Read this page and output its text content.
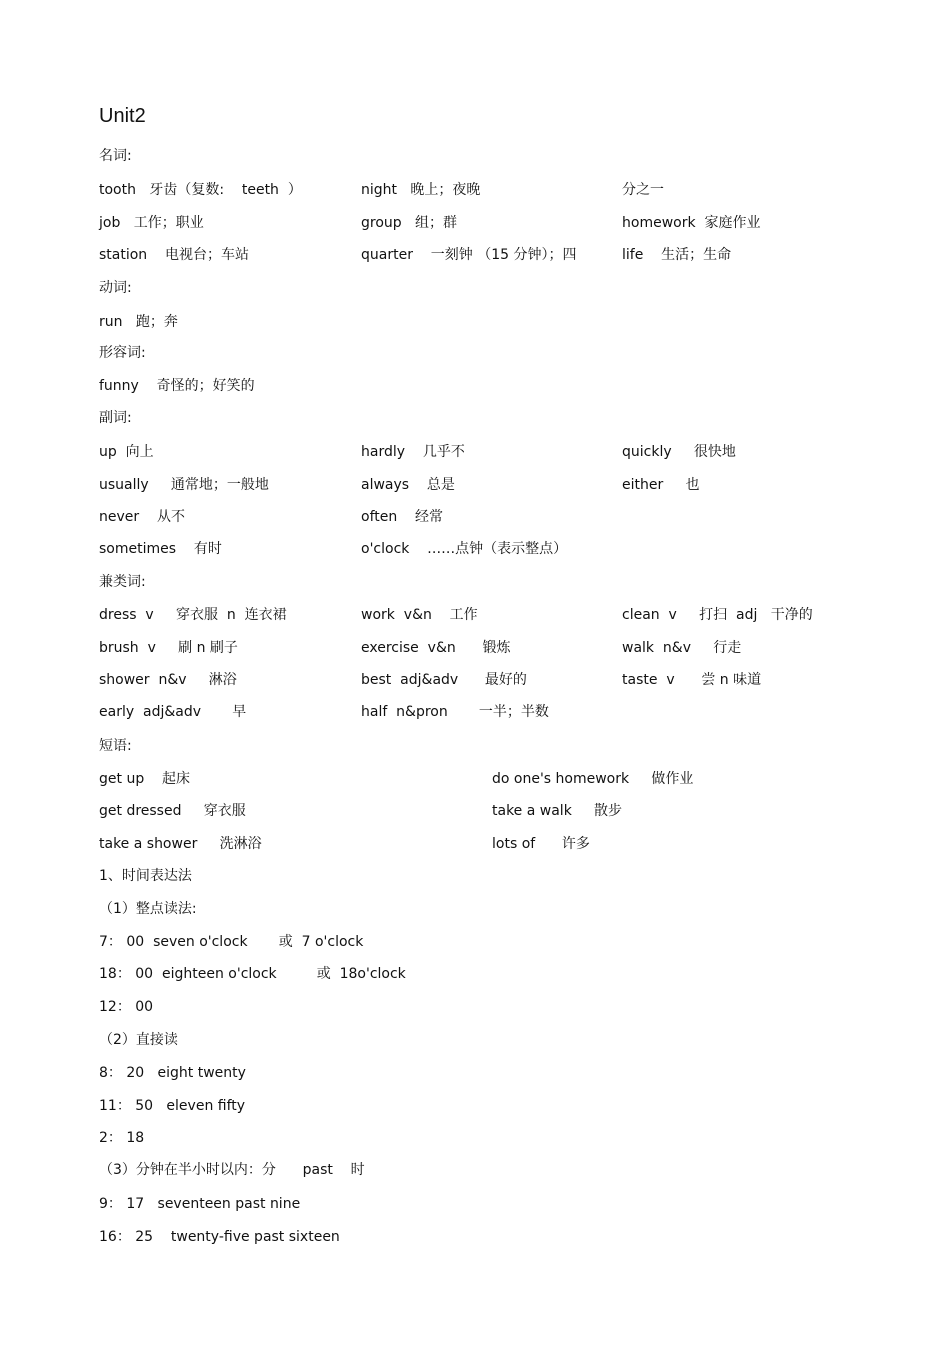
Unit2
名词:
tooth   牙齿（复数:    teeth  ）	night   晚上；夜晚	分之一
job   工作；职业	group   组；群	homework  家庭作业
station    电视台；车站	quarter    一刻钟 （15 分钟）；四	life    生活；生命
动词:
run   跑；奔
形容词:
funny    奇怪的；好笑的
副词:
up  向上	hardly    几乎不	quickly     很快地
usually     通常地；一般地	always    总是	either     也
never    从不	often    经常
sometimes    有时	o'clock    ……点钟（表示整点）
兼类词:
dress  v     穿衣服  n  连衣裙	work  v&n    工作	clean  v     打扫  adj   干净的
brush  v     刷 n 刷子	exercise  v&n      锻炼	walk  n&v     行走
shower  n&v     淋浴	best  adj&adv      最好的	taste  v      尝 n 味道
early  adj&adv       早	half  n&pron       一半；半数
短语:
get up    起床	do one's homework     做作业
get dressed     穿衣服	take a walk     散步
take a shower     洗淋浴	lots of      许多
1、时间表达法
（1）整点读法:
7： 00  seven o'clock       或  7 o'clock
18： 00  eighteen o'clock         或  18o'clock
12： 00
（2）直接读
8： 20   eight twenty
11： 50   eleven fifty
2： 18
（3）分钟在半小时以内：分      past    时
9： 17   seventeen past nine
16： 25    twenty-five past sixteen
